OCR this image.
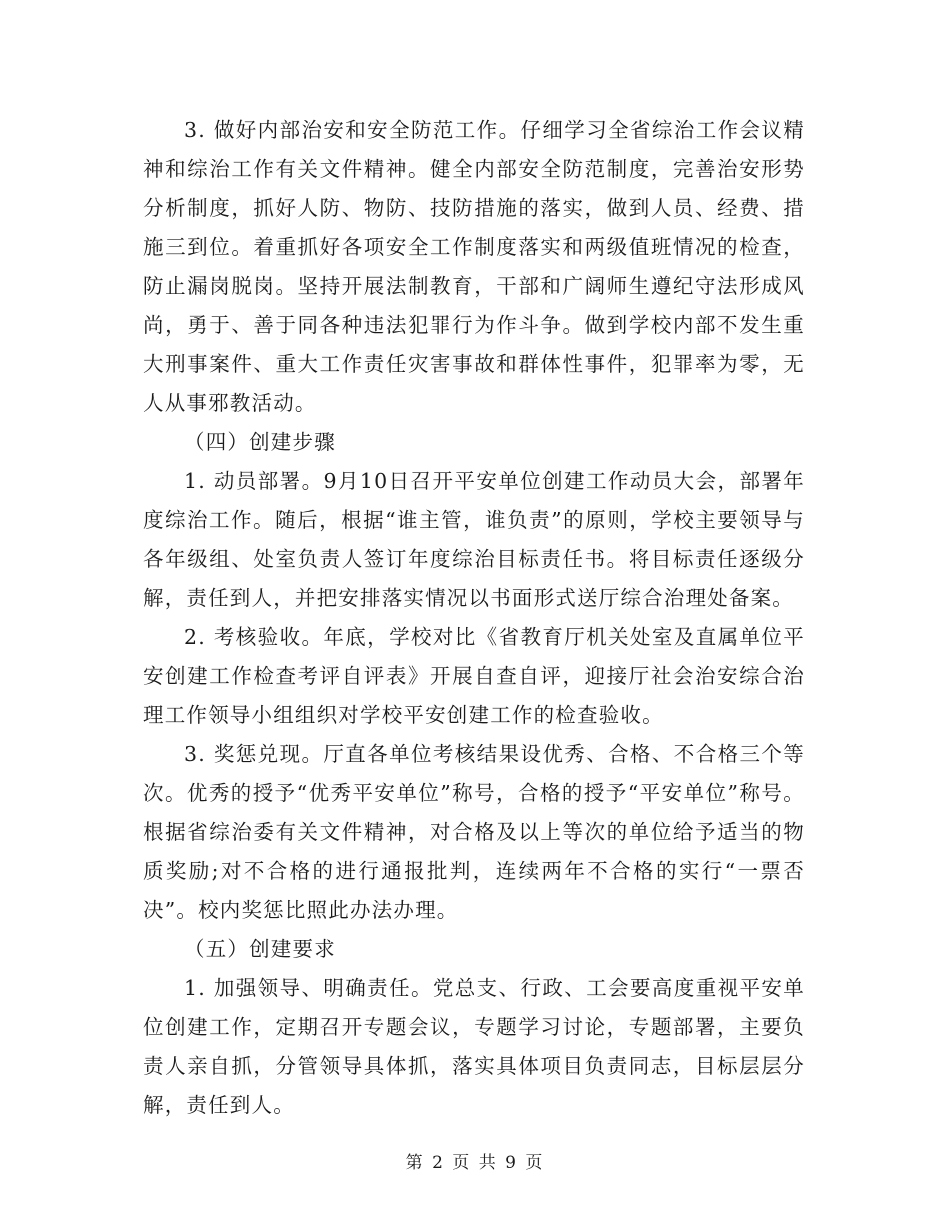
3. 做好内部治安和安全防范工作。仔细学习全省综治工作会议精神和综治工作有关文件精神。健全内部安全防范制度，完善治安形势分析制度，抓好人防、物防、技防措施的落实，做到人员、经费、措施三到位。着重抓好各项安全工作制度落实和两级值班情况的检查，防止漏岗脱岗。坚持开展法制教育，干部和广阔师生遵纪守法形成风尚，勇于、善于同各种违法犯罪行为作斗争。做到学校内部不发生重大刑事案件、重大工作责任灾害事故和群体性事件，犯罪率为零，无人从事邪教活动。

（四）创建步骤

1. 动员部署。9月10日召开平安单位创建工作动员大会，部署年度综治工作。随后，根据“谁主管，谁负责”的原则，学校主要领导与各年级组、处室负责人签订年度综治目标责任书。将目标责任逐级分解，责任到人，并把安排落实情况以书面形式送厅综合治理处备案。

2. 考核验收。年底，学校对比《省教育厅机关处室及直属单位平安创建工作检查考评自评表》开展自查自评，迎接厅社会治安综合治理工作领导小组组织对学校平安创建工作的检查验收。

3. 奖惩兑现。厅直各单位考核结果设优秀、合格、不合格三个等次。优秀的授予“优秀平安单位”称号，合格的授予“平安单位”称号。根据省综治委有关文件精神，对合格及以上等次的单位给予适当的物质奖励;对不合格的进行通报批判，连续两年不合格的实行“一票否决”。校内奖惩比照此办法办理。

（五）创建要求

1. 加强领导、明确责任。党总支、行政、工会要高度重视平安单位创建工作，定期召开专题会议，专题学习讨论，专题部署，主要负责人亲自抓，分管领导具体抓，落实具体项目负责同志，目标层层分解，责任到人。

第 2 页 共 9 页
